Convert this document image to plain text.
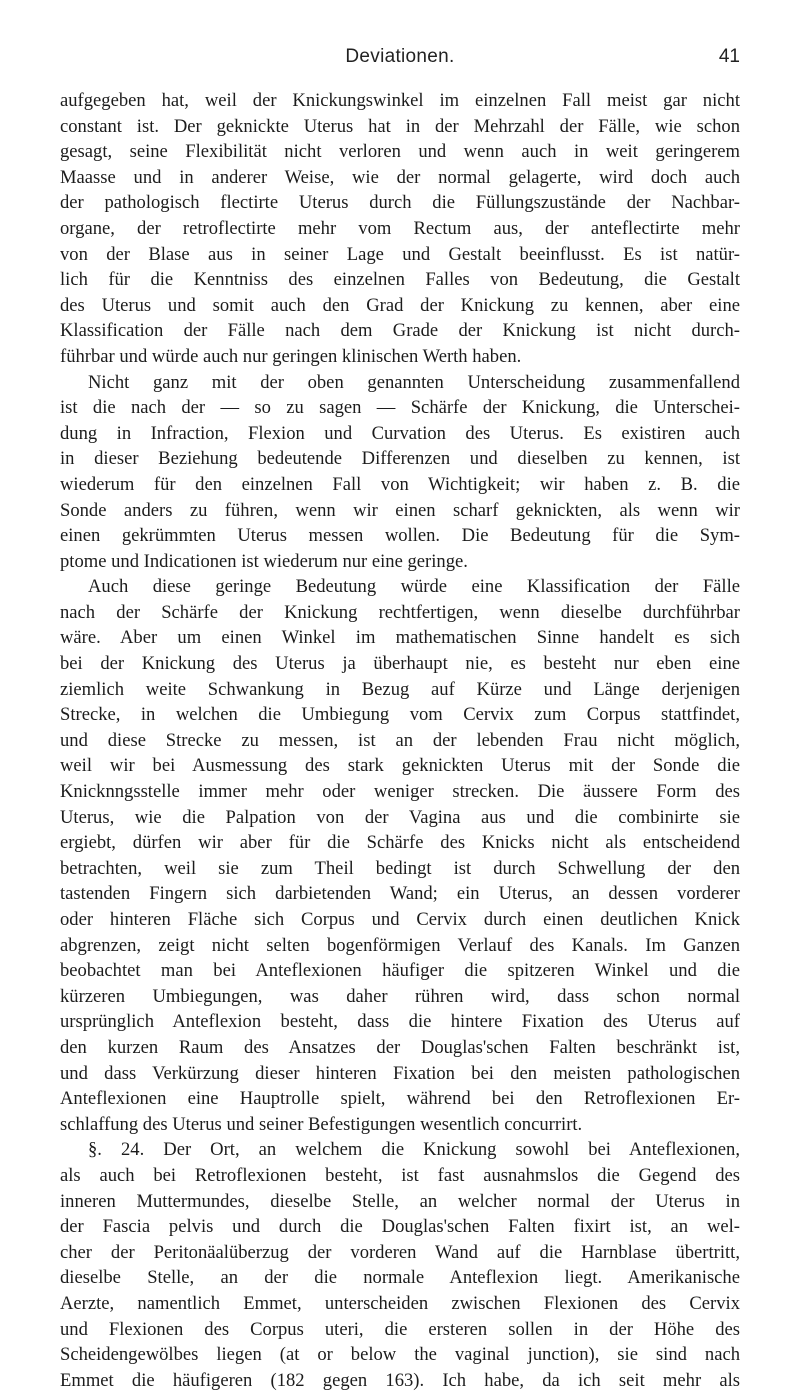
Deviationen.	41
aufgegeben hat, weil der Knickungswinkel im einzelnen Fall meist gar nicht
constant ist. Der geknickte Uterus hat in der Mehrzahl der Fälle, wie schon
gesagt, seine Flexibilität nicht verloren und wenn auch in weit geringerem
Maasse und in anderer Weise, wie der normal gelagerte, wird doch auch
der pathologisch flectirte Uterus durch die Füllungszustände der Nachbar-
organe, der retroflectirte mehr vom Rectum aus, der anteflectirte mehr
von der Blase aus in seiner Lage und Gestalt beeinflusst. Es ist natür-
lich für die Kenntniss des einzelnen Falles von Bedeutung, die Gestalt
des Uterus und somit auch den Grad der Knickung zu kennen, aber eine
Klassification der Fälle nach dem Grade der Knickung ist nicht durch-
führbar und würde auch nur geringen klinischen Werth haben.
Nicht ganz mit der oben genannten Unterscheidung zusammenfallend
ist die nach der — so zu sagen — Schärfe der Knickung, die Unterschei-
dung in Infraction, Flexion und Curvation des Uterus. Es existiren auch
in dieser Beziehung bedeutende Differenzen und dieselben zu kennen, ist
wiederum für den einzelnen Fall von Wichtigkeit; wir haben z. B. die
Sonde anders zu führen, wenn wir einen scharf geknickten, als wenn wir
einen gekrümmten Uterus messen wollen. Die Bedeutung für die Sym-
ptome und Indicationen ist wiederum nur eine geringe.
Auch diese geringe Bedeutung würde eine Klassification der Fälle
nach der Schärfe der Knickung rechtfertigen, wenn dieselbe durchführbar
wäre. Aber um einen Winkel im mathematischen Sinne handelt es sich
bei der Knickung des Uterus ja überhaupt nie, es besteht nur eben eine
ziemlich weite Schwankung in Bezug auf Kürze und Länge derjenigen
Strecke, in welchen die Umbiegung vom Cervix zum Corpus stattfindet,
und diese Strecke zu messen, ist an der lebenden Frau nicht möglich,
weil wir bei Ausmessung des stark geknickten Uterus mit der Sonde die
Knicknngsstelle immer mehr oder weniger strecken. Die äussere Form des
Uterus, wie die Palpation von der Vagina aus und die combinirte sie
ergiebt, dürfen wir aber für die Schärfe des Knicks nicht als entscheidend
betrachten, weil sie zum Theil bedingt ist durch Schwellung der den
tastenden Fingern sich darbietenden Wand; ein Uterus, an dessen vorderer
oder hinteren Fläche sich Corpus und Cervix durch einen deutlichen Knick
abgrenzen, zeigt nicht selten bogenförmigen Verlauf des Kanals. Im Ganzen
beobachtet man bei Anteflexionen häufiger die spitzeren Winkel und die
kürzeren Umbiegungen, was daher rühren wird, dass schon normal
ursprünglich Anteflexion besteht, dass die hintere Fixation des Uterus auf
den kurzen Raum des Ansatzes der Douglas'schen Falten beschränkt ist,
und dass Verkürzung dieser hinteren Fixation bei den meisten pathologischen
Anteflexionen eine Hauptrolle spielt, während bei den Retroflexionen Er-
schlaffung des Uterus und seiner Befestigungen wesentlich concurrirt.
§. 24. Der Ort, an welchem die Knickung sowohl bei Anteflexionen,
als auch bei Retroflexionen besteht, ist fast ausnahmslos die Gegend des
inneren Muttermundes, dieselbe Stelle, an welcher normal der Uterus in
der Fascia pelvis und durch die Douglas'schen Falten fixirt ist, an wel-
cher der Peritonäalüberzug der vorderen Wand auf die Harnblase übertritt,
dieselbe Stelle, an der die normale Anteflexion liegt. Amerikanische
Aerzte, namentlich Emmet, unterscheiden zwischen Flexionen des Cervix
und Flexionen des Corpus uteri, die ersteren sollen in der Höhe des
Scheidengewölbes liegen (at or below the vaginal junction), sie sind nach
Emmet die häufigeren (182 gegen 163). Ich habe, da ich seit mehr als
